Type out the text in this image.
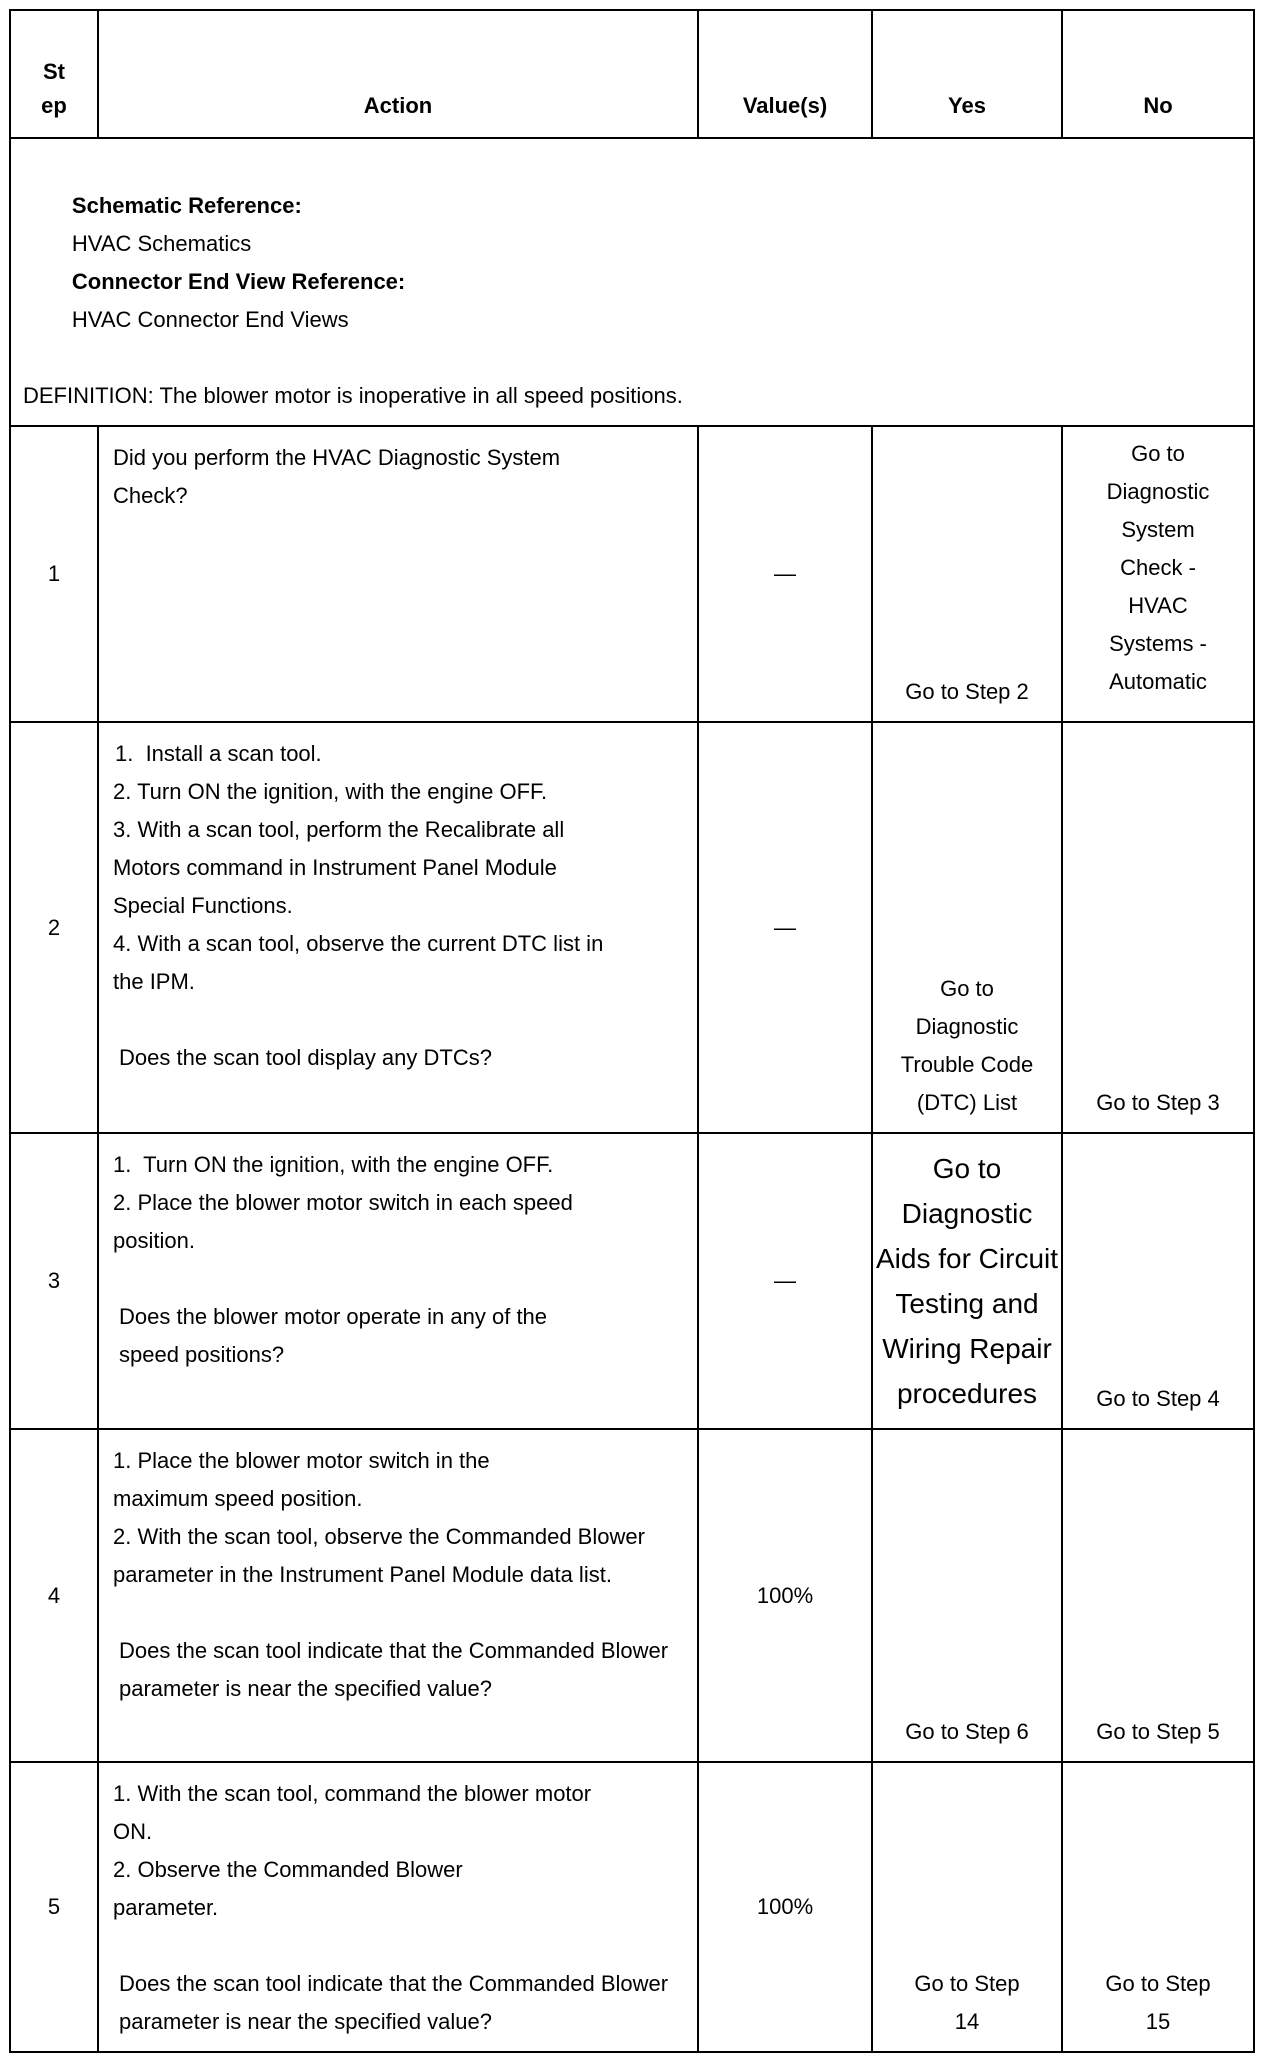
St ep	Action	Value(s)	Yes	No

Schematic Reference:
HVAC Schematics
Connector End View Reference:
HVAC Connector End Views

DEFINITION: The blower motor is inoperative in all speed positions.				

1	Did you perform the HVAC Diagnostic System Check?	—	Go to Step 2	Go to Diagnostic System Check - HVAC Systems - Automatic
2	1.  Install a scan tool.
2. Turn ON the ignition, with the engine OFF.
3. With a scan tool, perform the Recalibrate all Motors command in Instrument Panel Module Special Functions.
4. With a scan tool, observe the current DTC list in the IPM.
Does the scan tool display any DTCs?	—	Go to Diagnostic Trouble Code (DTC) List	Go to Step 3
3	1.  Turn ON the ignition, with the engine OFF.
2. Place the blower motor switch in each speed position.
Does the blower motor operate in any of the speed positions?	—	Go to Diagnostic Aids for Circuit Testing and Wiring Repair procedures	Go to Step 4
4	1. Place the blower motor switch in the maximum speed position.
2. With the scan tool, observe the Commanded Blower parameter in the Instrument Panel Module data list.
Does the scan tool indicate that the Commanded Blower parameter is near the specified value?	100%	Go to Step 6	Go to Step 5
5	1. With the scan tool, command the blower motor ON.
2. Observe the Commanded Blower parameter.
Does the scan tool indicate that the Commanded Blower parameter is near the specified value?	100%	Go to Step 14	Go to Step 15
